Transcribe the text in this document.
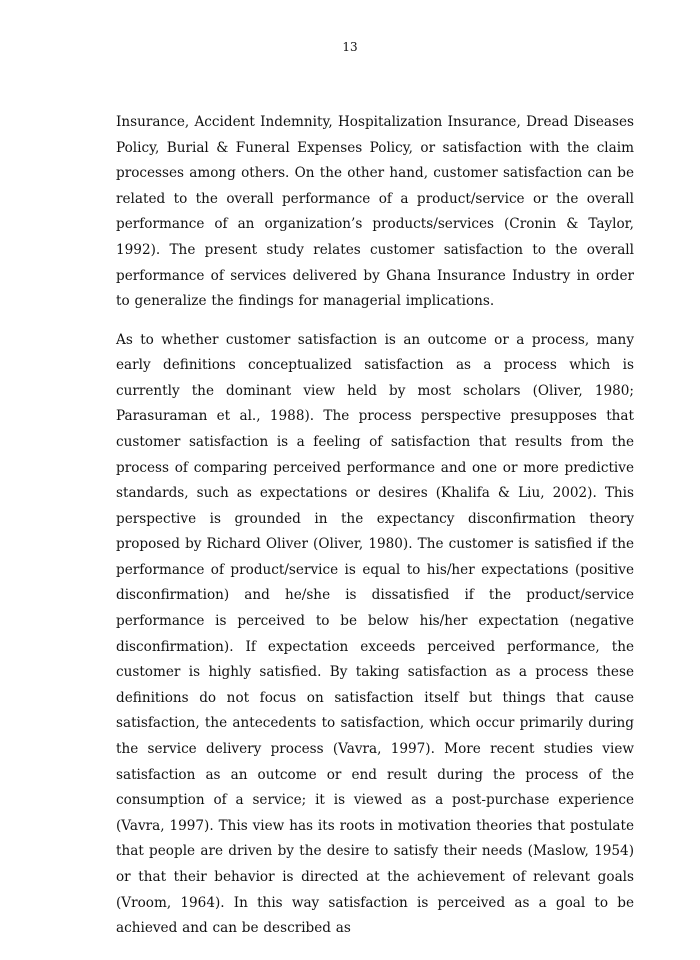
13

Insurance, Accident Indemnity, Hospitalization Insurance, Dread Diseases Policy, Burial & Funeral Expenses Policy, or satisfaction with the claim processes among others. On the other hand, customer satisfaction can be related to the overall performance of a product/service or the overall performance of an organization’s products/services (Cronin & Taylor, 1992). The present study relates customer satisfaction to the overall performance of services delivered by Ghana Insurance Industry in order to generalize the findings for managerial implications.

As to whether customer satisfaction is an outcome or a process, many early definitions conceptualized satisfaction as a process which is currently the dominant view held by most scholars (Oliver, 1980; Parasuraman et al., 1988). The process perspective presupposes that customer satisfaction is a feeling of satisfaction that results from the process of comparing perceived performance and one or more predictive standards, such as expectations or desires (Khalifa & Liu, 2002). This perspective is grounded in the expectancy disconfirmation theory proposed by Richard Oliver (Oliver, 1980). The customer is satisfied if the performance of product/service is equal to his/her expectations (positive disconfirmation) and he/she is dissatisfied if the product/service performance is perceived to be below his/her expectation (negative disconfirmation). If expectation exceeds perceived performance, the customer is highly satisfied. By taking satisfaction as a process these definitions do not focus on satisfaction itself but things that cause satisfaction, the antecedents to satisfaction, which occur primarily during the service delivery process (Vavra, 1997). More recent studies view satisfaction as an outcome or end result during the process of the consumption of a service; it is viewed as a post-purchase experience (Vavra, 1997). This view has its roots in motivation theories that postulate that people are driven by the desire to satisfy their needs (Maslow, 1954) or that their behavior is directed at the achievement of relevant goals (Vroom, 1964). In this way satisfaction is perceived as a goal to be achieved and can be described as
